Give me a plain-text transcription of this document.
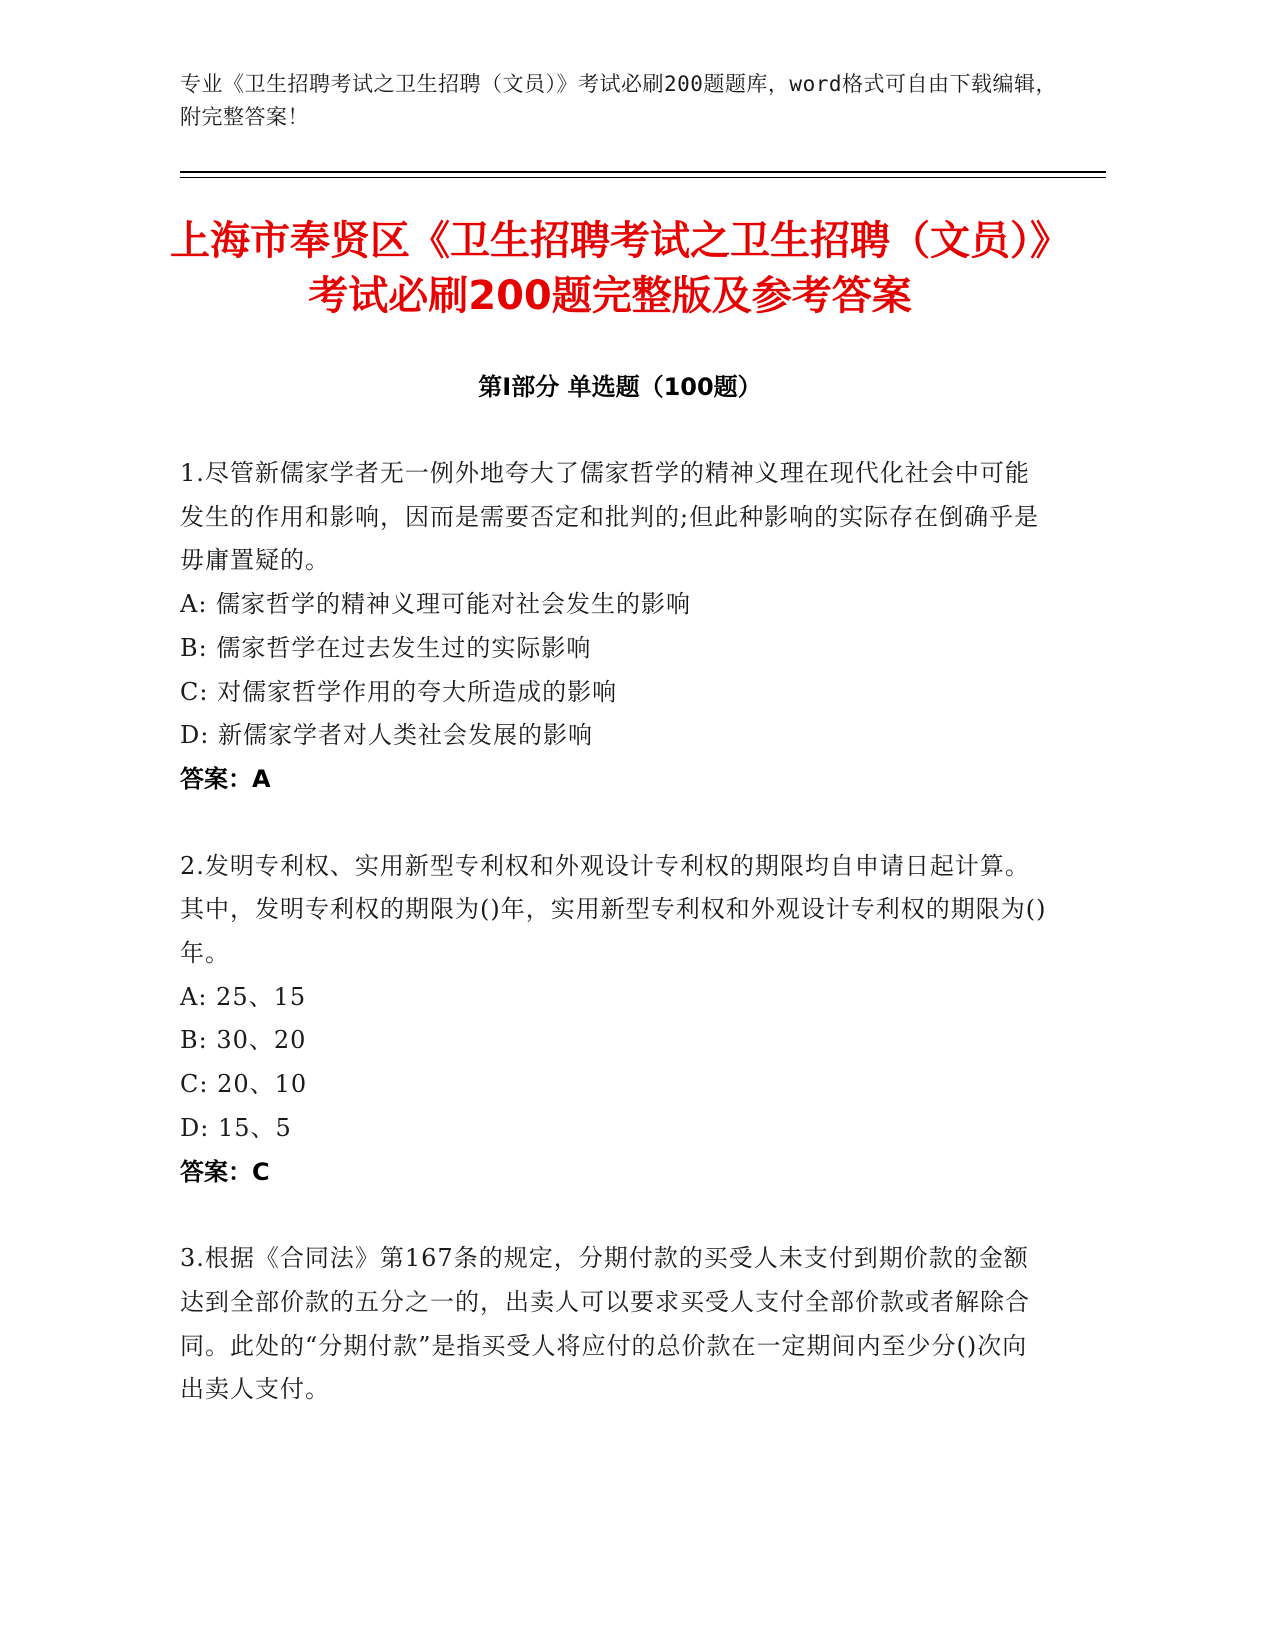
专业《卫生招聘考试之卫生招聘（文员）》考试必刷200题题库，word格式可自由下载编辑，附完整答案！
上海市奉贤区《卫生招聘考试之卫生招聘（文员）》考试必刷200题完整版及参考答案
第I部分 单选题（100题）
1.尽管新儒家学者无一例外地夸大了儒家哲学的精神义理在现代化社会中可能发生的作用和影响，因而是需要否定和批判的;但此种影响的实际存在倒确乎是毋庸置疑的。
A: 儒家哲学的精神义理可能对社会发生的影响
B: 儒家哲学在过去发生过的实际影响
C: 对儒家哲学作用的夸大所造成的影响
D: 新儒家学者对人类社会发展的影响
答案：A
2.发明专利权、实用新型专利权和外观设计专利权的期限均自申请日起计算。其中，发明专利权的期限为()年，实用新型专利权和外观设计专利权的期限为()年。
A: 25、15
B: 30、20
C: 20、10
D: 15、5
答案：C
3.根据《合同法》第167条的规定，分期付款的买受人未支付到期价款的金额达到全部价款的五分之一的，出卖人可以要求买受人支付全部价款或者解除合同。此处的“分期付款”是指买受人将应付的总价款在一定期间内至少分()次向出卖人支付。
